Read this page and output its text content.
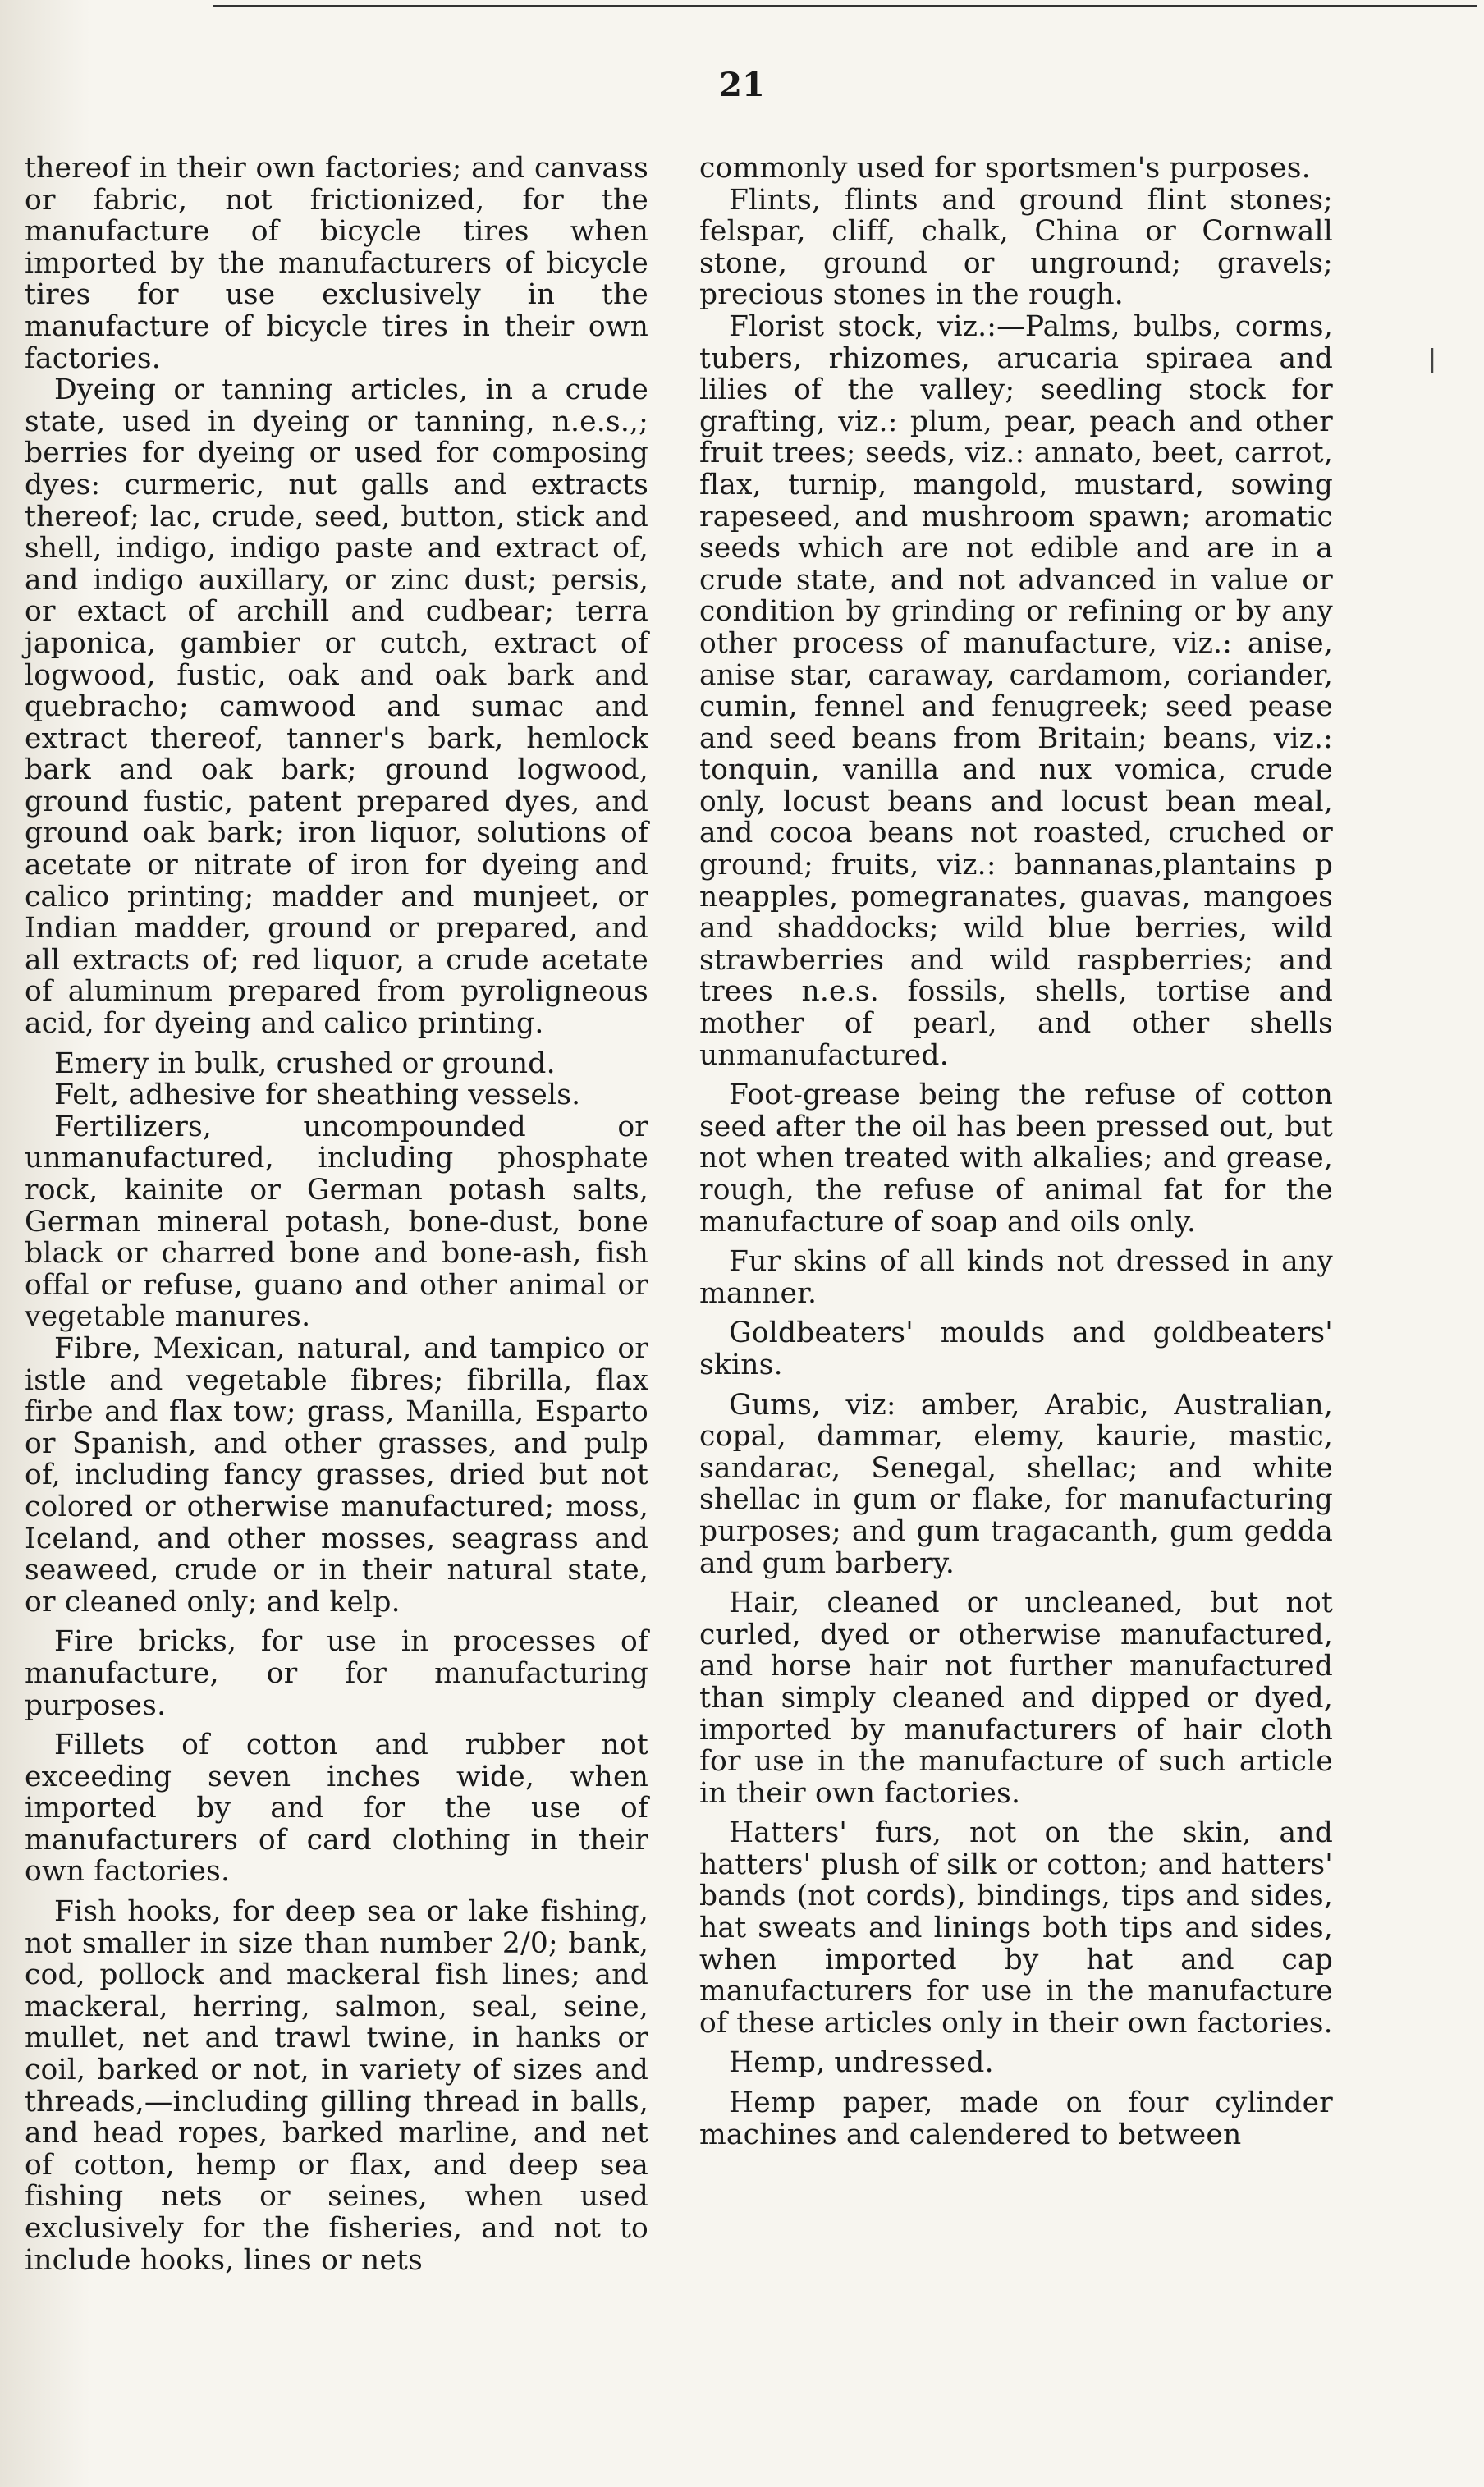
21

thereof in their own factories; and canvass or fabric, not frictionized, for the manufacture of bicycle tires when imported by the manufacturers of bicycle tires for use exclusively in the manufacture of bicycle tires in their own factories.

Dyeing or tanning articles, in a crude state, used in dyeing or tanning, n.e.s.,; berries for dyeing or used for composing dyes: curmeric, nut galls and extracts thereof; lac, crude, seed, button, stick and shell, indigo, indigo paste and extract of, and indigo auxillary, or zinc dust; persis, or extact of archill and cudbear; terra japonica, gambier or cutch, extract of logwood, fustic, oak and oak bark and quebracho; camwood and sumac and extract thereof, tanner's bark, hemlock bark and oak bark; ground logwood, ground fustic, patent prepared dyes, and ground oak bark; iron liquor, solutions of acetate or nitrate of iron for dyeing and calico printing; madder and munjeet, or Indian madder, ground or prepared, and all extracts of; red liquor, a crude acetate of aluminum prepared from pyroligneous acid, for dyeing and calico printing.

Emery in bulk, crushed or ground.

Felt, adhesive for sheathing vessels.

Fertilizers, uncompounded or unmanufactured, including phosphate rock, kainite or German potash salts, German mineral potash, bone-dust, bone black or charred bone and bone-ash, fish offal or refuse, guano and other animal or vegetable manures.

Fibre, Mexican, natural, and tampico or istle and vegetable fibres; fibrilla, flax firbe and flax tow; grass, Manilla, Esparto or Spanish, and other grasses, and pulp of, including fancy grasses, dried but not colored or otherwise manufactured; moss, Iceland, and other mosses, seagrass and seaweed, crude or in their natural state, or cleaned only; and kelp.

Fire bricks, for use in processes of manufacture, or for manufacturing purposes.

Fillets of cotton and rubber not exceeding seven inches wide, when imported by and for the use of manufacturers of card clothing in their own factories.

Fish hooks, for deep sea or lake fishing, not smaller in size than number 2/0; bank, cod, pollock and mackeral fish lines; and mackeral, herring, salmon, seal, seine, mullet, net and trawl twine, in hanks or coil, barked or not, in variety of sizes and threads,—including gilling thread in balls, and head ropes, barked marline, and net of cotton, hemp or flax, and deep sea fishing nets or seines, when used exclusively for the fisheries, and not to include hooks, lines or nets

commonly used for sportsmen's purposes.

Flints, flints and ground flint stones; felspar, cliff, chalk, China or Cornwall stone, ground or unground; gravels; precious stones in the rough.

Florist stock, viz.:—Palms, bulbs, corms, tubers, rhizomes, arucaria spiraea and lilies of the valley; seedling stock for grafting, viz.: plum, pear, peach and other fruit trees; seeds, viz.: annato, beet, carrot, flax, turnip, mangold, mustard, sowing rapeseed, and mushroom spawn; aromatic seeds which are not edible and are in a crude state, and not advanced in value or condition by grinding or refining or by any other process of manufacture, viz.: anise, anise star, caraway, cardamom, coriander, cumin, fennel and fenugreek; seed pease and seed beans from Britain; beans, viz.: tonquin, vanilla and nux vomica, crude only, locust beans and locust bean meal, and cocoa beans not roasted, cruched or ground; fruits, viz.: bannanas,plantains p neapples, pomegranates, guavas, mangoes and shaddocks; wild blue berries, wild strawberries and wild raspberries; and trees n.e.s. fossils, shells, tortise and mother of pearl, and other shells unmanufactured.

Foot-grease being the refuse of cotton seed after the oil has been pressed out, but not when treated with alkalies; and grease, rough, the refuse of animal fat for the manufacture of soap and oils only.

Fur skins of all kinds not dressed in any manner.

Goldbeaters' moulds and goldbeaters' skins.

Gums, viz: amber, Arabic, Australian, copal, dammar, elemy, kaurie, mastic, sandarac, Senegal, shellac; and white shellac in gum or flake, for manufacturing purposes; and gum tragacanth, gum gedda and gum barbery.

Hair, cleaned or uncleaned, but not curled, dyed or otherwise manufactured, and horse hair not further manufactured than simply cleaned and dipped or dyed, imported by manufacturers of hair cloth for use in the manufacture of such article in their own factories.

Hatters' furs, not on the skin, and hatters' plush of silk or cotton; and hatters' bands (not cords), bindings, tips and sides, hat sweats and linings both tips and sides, when imported by hat and cap manufacturers for use in the manufacture of these articles only in their own factories.

Hemp, undressed.

Hemp paper, made on four cylinder machines and calendered to between

|
